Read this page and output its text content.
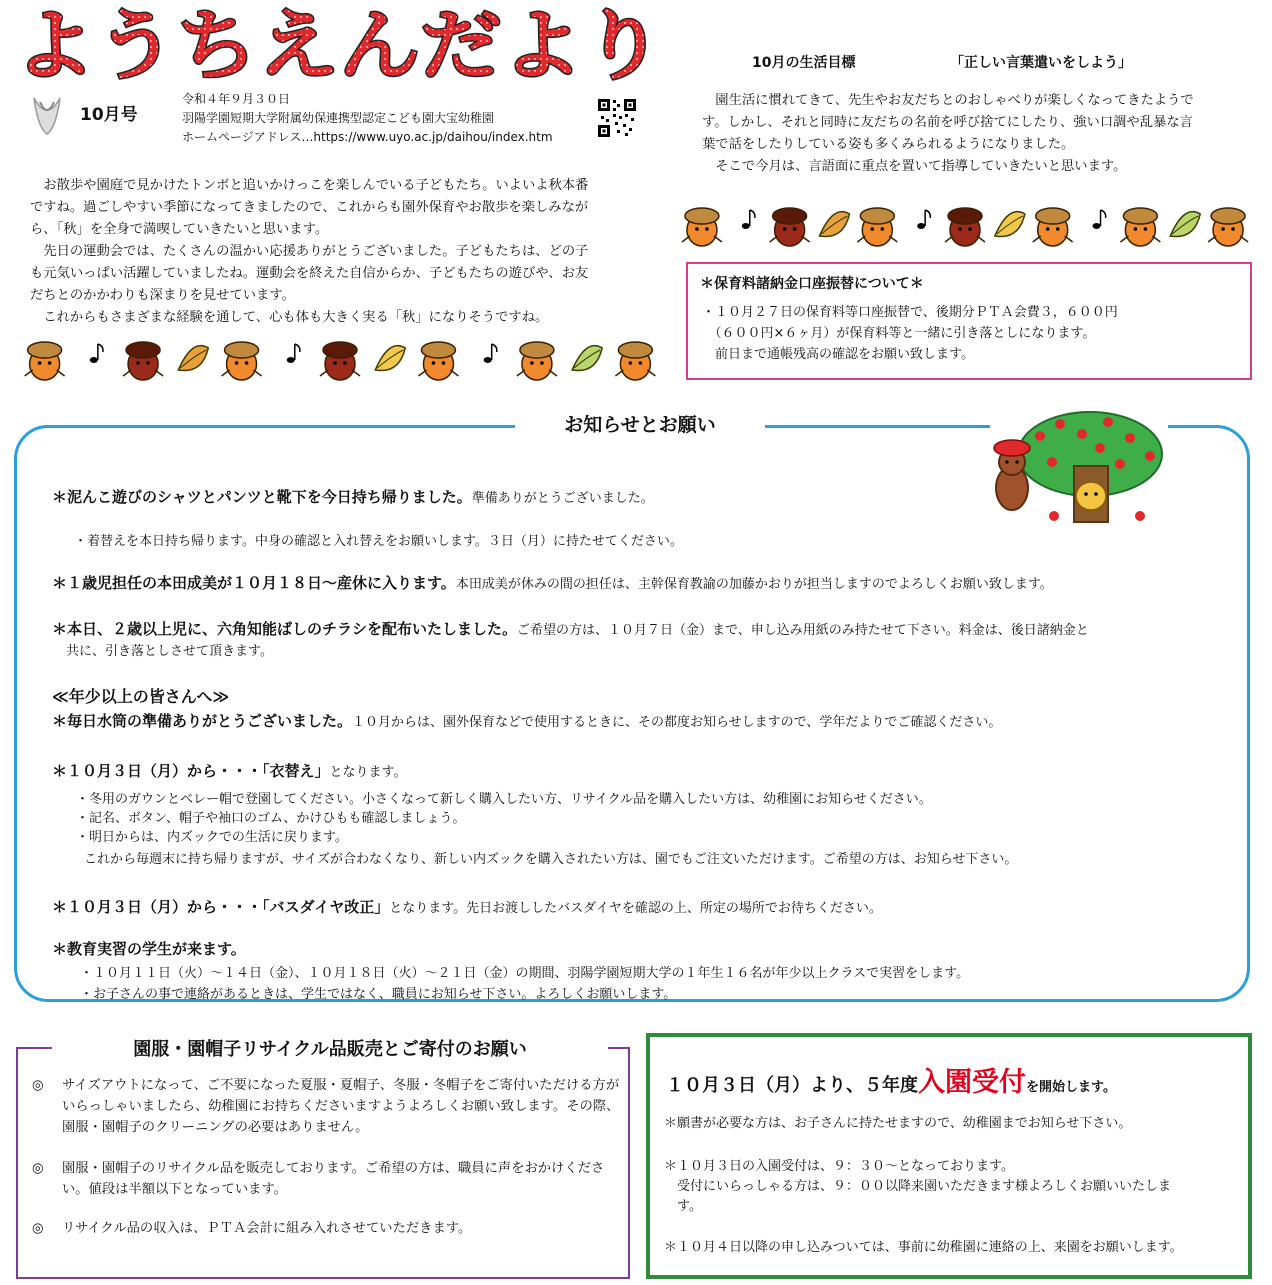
ようちえんだより
10月号
令和４年９月３０日
羽陽学園短期大学附属幼保連携型認定こども園大宝幼稚園
ホームページアドレス…https://www.uyo.ac.jp/daihou/index.htm
　お散歩や園庭で見かけたトンボと追いかけっこを楽しんでいる子どもたち。いよいよ秋本番
ですね。過ごしやすい季節になってきましたので、これからも園外保育やお散歩を楽しみなが
ら、「秋」を全身で満喫していきたいと思います。
　先日の運動会では、たくさんの温かい応援ありがとうございました。子どもたちは、どの子
も元気いっぱい活躍していましたね。運動会を終えた自信からか、子どもたちの遊びや、お友
だちとのかかわりも深まりを見せています。
　これからもさまざまな経験を通して、心も体も大きく実る「秋」になりそうですね。
10月の生活目標	「正しい言葉遣いをしよう」
　園生活に慣れてきて、先生やお友だちとのおしゃべりが楽しくなってきたようで
す。しかし、それと同時に友だちの名前を呼び捨てにしたり、強い口調や乱暴な言
葉で話をしたりしている姿も多くみられるようになりました。
　そこで今月は、言語面に重点を置いて指導していきたいと思います。
＊保育料諸納金口座振替について＊
・１０月２７日の保育料等口座振替で、後期分ＰＴＡ会費３，６００円
　（６００円×６ヶ月）が保育料等と一緒に引き落としになります。
　前日まで通帳残高の確認をお願い致します。
お知らせとお願い
＊泥んこ遊びのシャツとパンツと靴下を今日持ち帰りました。準備ありがとうございました。
・着替えを本日持ち帰ります。中身の確認と入れ替えをお願いします。３日（月）に持たせてください。
＊１歳児担任の本田成美が１０月１８日～産休に入ります。本田成美が休みの間の担任は、主幹保育教諭の加藤かおりが担当しますのでよろしくお願い致します。
＊本日、２歳以上児に、六角知能ばしのチラシを配布いたしました。ご希望の方は、１０月７日（金）まで、申し込み用紙のみ持たせて下さい。料金は、後日諸納金と
共に、引き落としさせて頂きます。
≪年少以上の皆さんへ≫
＊毎日水筒の準備ありがとうございました。１０月からは、園外保育などで使用するときに、その都度お知らせしますので、学年だよりでご確認ください。
＊１０月３日（月）から・・・「衣替え」となります。
・冬用のガウンとベレー帽で登園してください。小さくなって新しく購入したい方、リサイクル品を購入したい方は、幼稚園にお知らせください。
・記名、ボタン、帽子や袖口のゴム、かけひもも確認しましょう。
・明日からは、内ズックでの生活に戻ります。
これから毎週末に持ち帰りますが、サイズが合わなくなり、新しい内ズックを購入されたい方は、園でもご注文いただけます。ご希望の方は、お知らせ下さい。
＊１０月３日（月）から・・・「バスダイヤ改正」となります。先日お渡ししたバスダイヤを確認の上、所定の場所でお待ちください。
＊教育実習の学生が来ます。
・１０月１１日（火）～１４日（金）、１０月１８日（火）～２１日（金）の期間、羽陽学園短期大学の１年生１６名が年少以上クラスで実習をします。
・お子さんの事で連絡があるときは、学生ではなく、職員にお知らせ下さい。よろしくお願いします。
園服・園帽子リサイクル品販売とご寄付のお願い
◎ サイズアウトになって、ご不要になった夏服・夏帽子、冬服・冬帽子をご寄付いただける方がいらっしゃいましたら、幼稚園にお持ちくださいますようよろしくお願い致します。その際、園服・園帽子のクリーニングの必要はありません。
◎ 園服・園帽子のリサイクル品を販売しております。ご希望の方は、職員に声をおかけください。値段は半額以下となっています。
◎ リサイクル品の収入は、ＰＴＡ会計に組み入れさせていただきます。
１０月３日（月）より、５年度入園受付を開始します。
＊願書が必要な方は、お子さんに持たせますので、幼稚園までお知らせ下さい。
＊１０月３日の入園受付は、９：３０～となっております。
　受付にいらっしゃる方は、９：００以降来園いただきます様よろしくお願いいたしま
　す。
＊１０月４日以降の申し込みついては、事前に幼稚園に連絡の上、来園をお願いします。
